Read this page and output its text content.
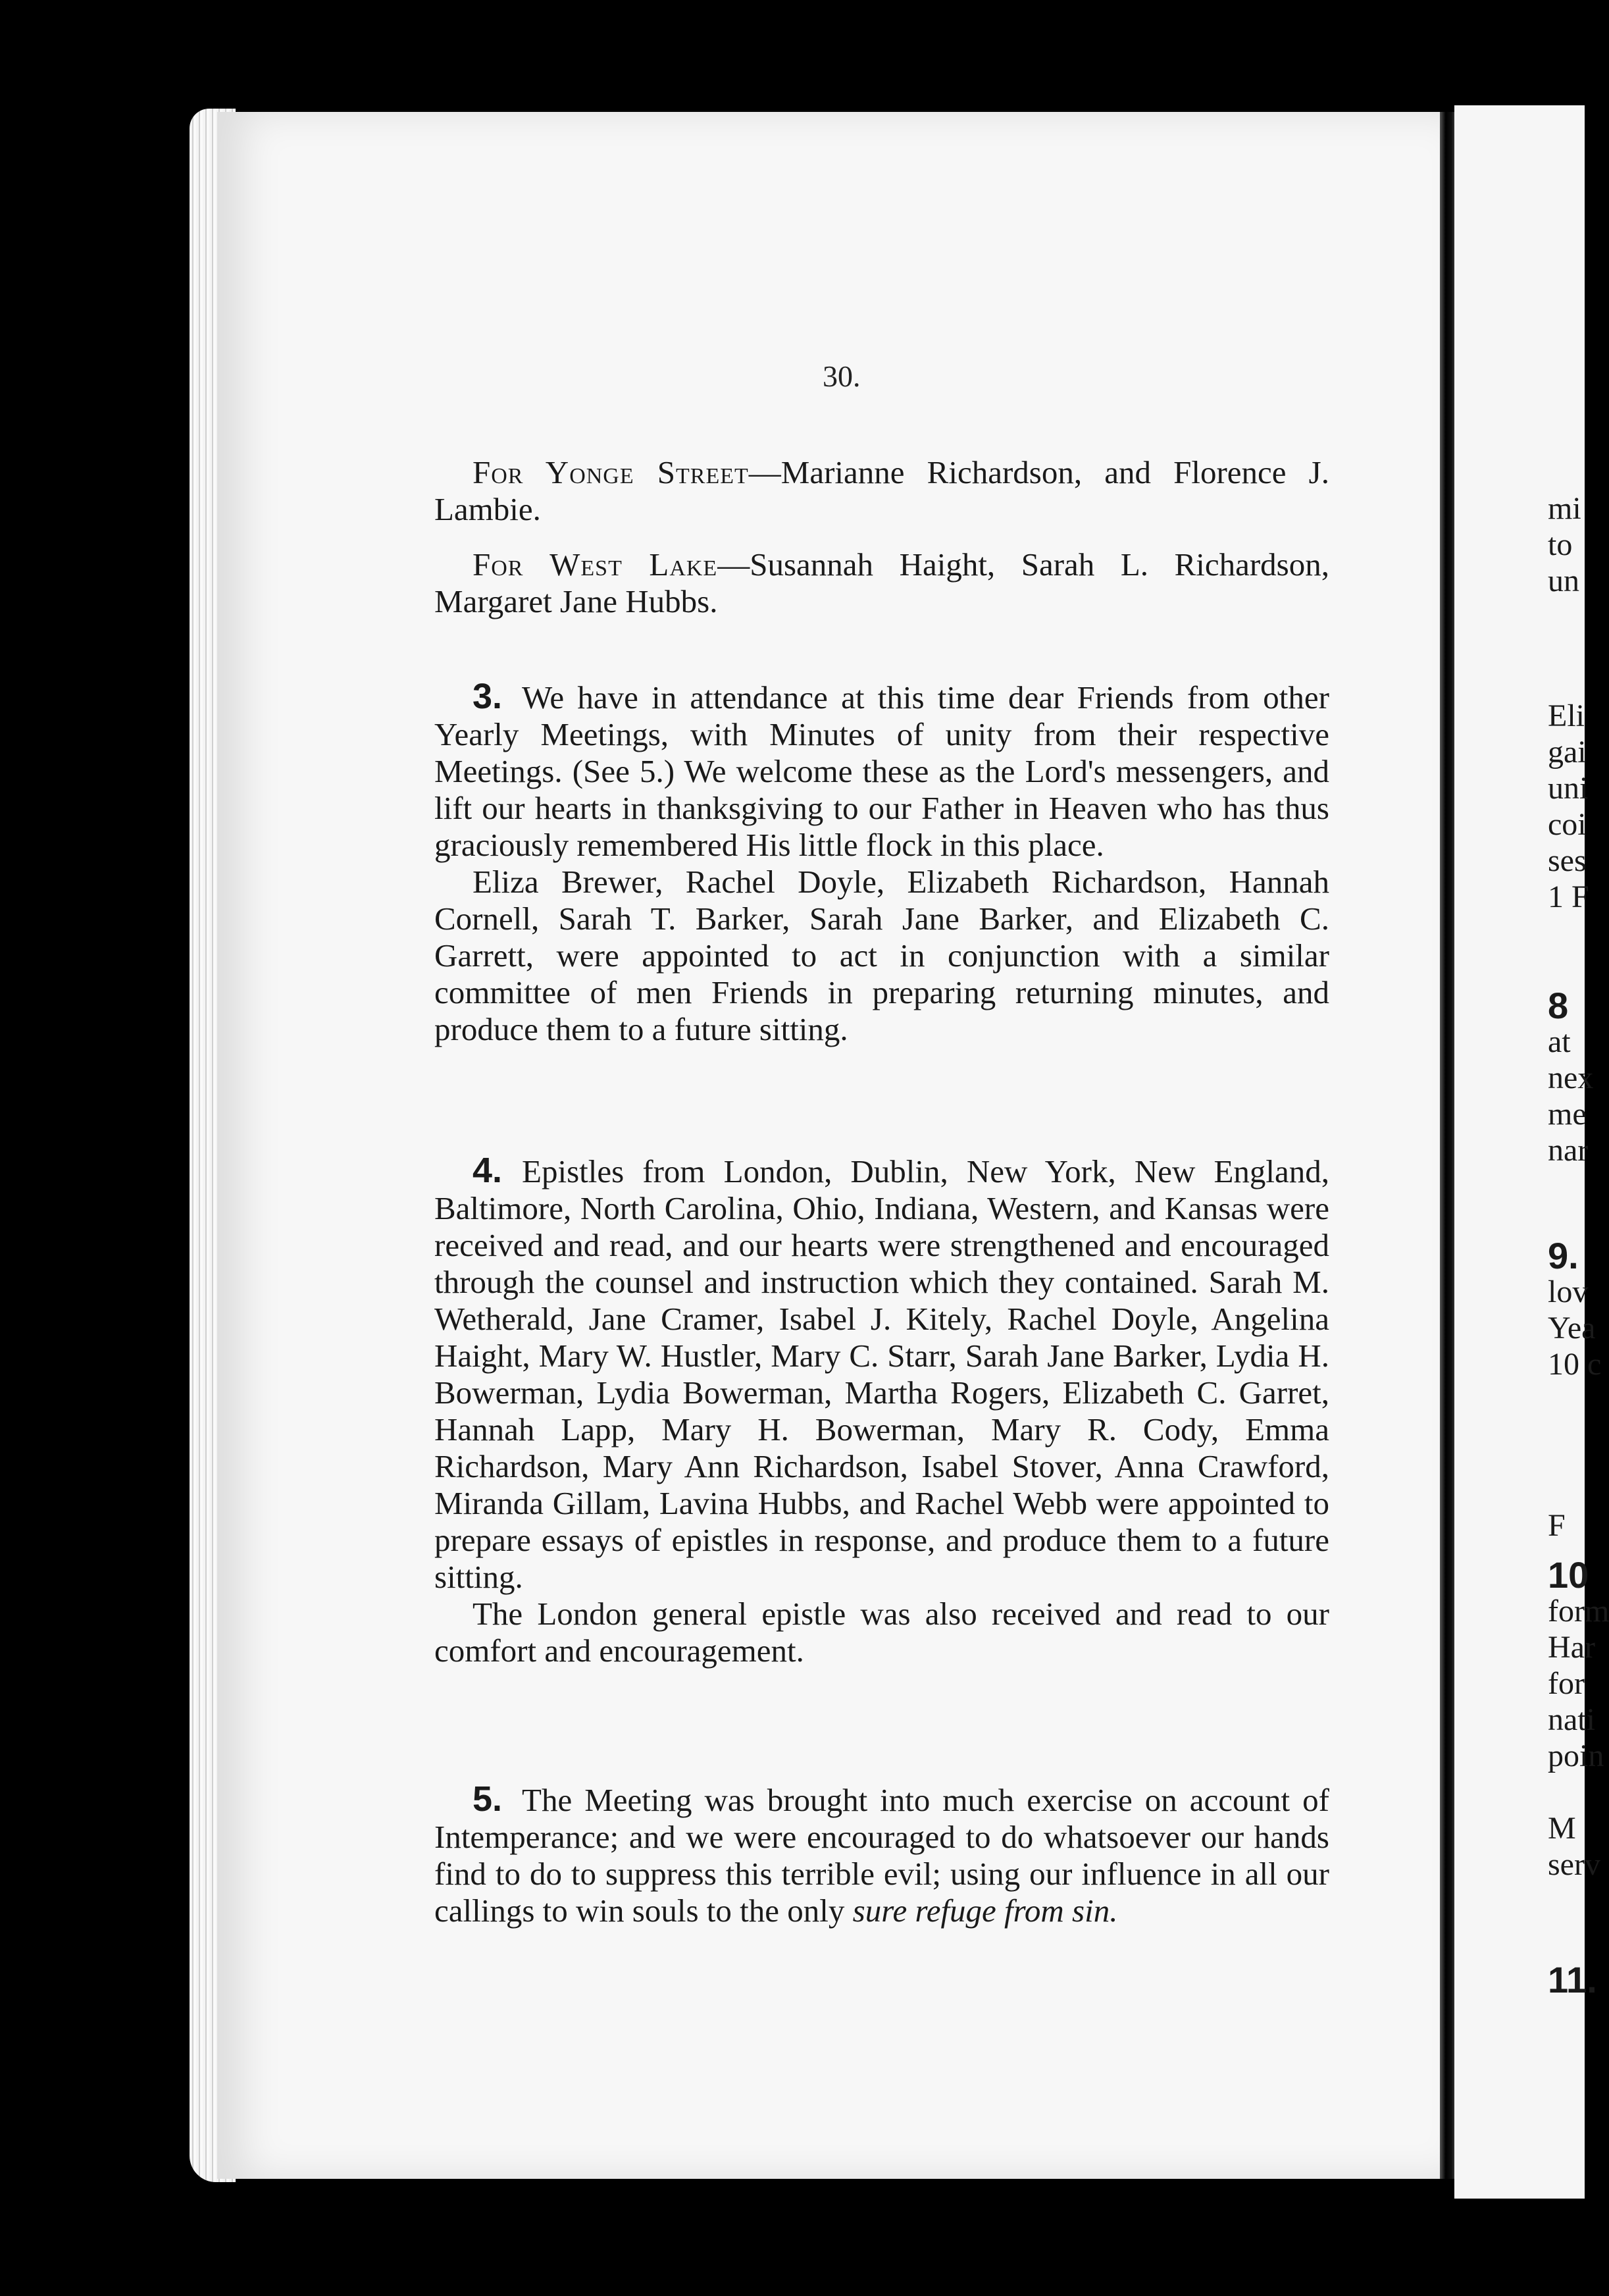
30.

For Yonge Street—Marianne Richardson, and Florence J. Lambie.

For West Lake—Susannah Haight, Sarah L. Richardson, Margaret Jane Hubbs.

3. We have in attendance at this time dear Friends from other Yearly Meetings, with Minutes of unity from their respective Meetings. (See 5.) We welcome these as the Lord's messengers, and lift our hearts in thanksgiving to our Father in Heaven who has thus graciously remembered His little flock in this place.

Eliza Brewer, Rachel Doyle, Elizabeth Richardson, Hannah Cornell, Sarah T. Barker, Sarah Jane Barker, and Elizabeth C. Garrett, were appointed to act in conjunction with a similar committee of men Friends in preparing returning minutes, and produce them to a future sitting.

4. Epistles from London, Dublin, New York, New England, Baltimore, North Carolina, Ohio, Indiana, Western, and Kansas were received and read, and our hearts were strengthened and encouraged through the counsel and instruction which they contained. Sarah M. Wetherald, Jane Cramer, Isabel J. Kitely, Rachel Doyle, Angelina Haight, Mary W. Hustler, Mary C. Starr, Sarah Jane Barker, Lydia H. Bowerman, Lydia Bowerman, Martha Rogers, Elizabeth C. Garret, Hannah Lapp, Mary H. Bowerman, Mary R. Cody, Emma Richardson, Mary Ann Richardson, Isabel Stover, Anna Crawford, Miranda Gillam, Lavina Hubbs, and Rachel Webb were appointed to prepare essays of epistles in response, and produce them to a future sitting.

The London general epistle was also received and read to our comfort and encouragement.

5. The Meeting was brought into much exercise on account of Intemperance; and we were encouraged to do whatsoever our hands find to do to suppress this terrible evil; using our influence in all our callings to win souls to the only sure refuge from sin.

mi
to
un
Eli
gai
uni
coi
ses
1 F
8
at
nex
me
nar
9.
lov
Yea
10 c
F
10
form
Har
for
nati
poin
M
serv
11.
